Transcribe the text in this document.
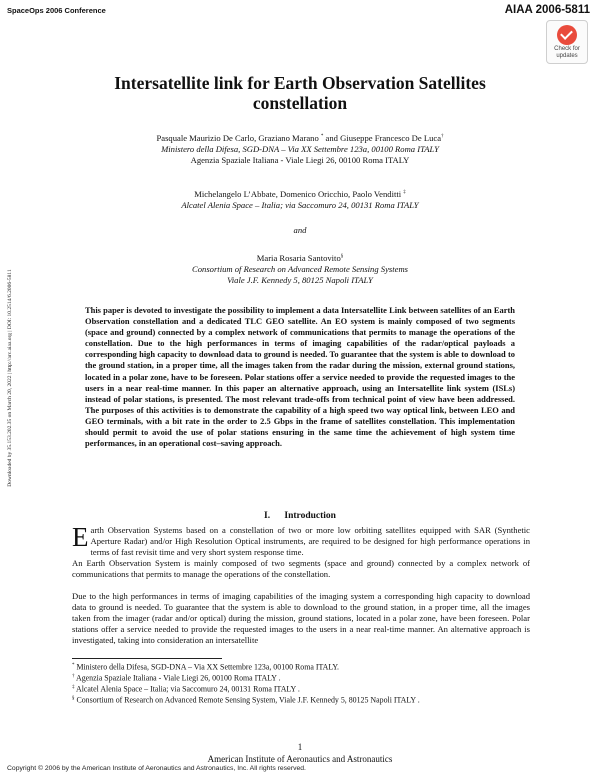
SpaceOps 2006 Conference	AIAA 2006-5811
Check for updates
Downloaded by 35.153.202.35 on March 20, 2022 | http://arc.aiaa.org | DOI: 10.2514/6.2006-5811
Intersatellite link for Earth Observation Satellites
constellation
Pasquale Maurizio De Carlo, Graziano Marano * and Giuseppe Francesco De Luca†
Ministero della Difesa, SGD-DNA – Via XX Settembre 123a, 00100 Roma ITALY
Agenzia Spaziale Italiana - Viale Liegi 26, 00100 Roma ITALY
Michelangelo L’Abbate, Domenico Oricchio, Paolo Venditti ‡
Alcatel Alenia Space – Italia; via Saccomuro 24, 00131 Roma ITALY
and
Maria Rosaria Santovito§
Consortium of Research on Advanced Remote Sensing Systems
Viale J.F. Kennedy 5, 80125 Napoli ITALY
This paper is devoted to investigate the possibility to implement a data Intersatellite Link between satellites of an Earth Observation constellation and a dedicated TLC GEO satellite. An EO system is mainly composed of two segments (space and ground) connected by a complex network of communications that permits to manage the operations of the constellation. Due to the high performances in terms of imaging capabilities of the radar/optical payloads a corresponding high capacity to download data to ground is needed. To guarantee that the system is able to download to the ground station, in a proper time, all the images taken from the radar during the mission, external ground stations, located in a polar zone, have to be foreseen. Polar stations offer a service needed to provide the requested images to the users in a near real-time manner. In this paper an alternative approach, using an Intersatellite link system (ISLs) instead of polar stations, is presented. The most relevant trade-offs from technical point of view have been addressed. The purposes of this activities is to demonstrate the capability of a high speed two way optical link, between LEO and GEO terminals, with a bit rate in the order to 2.5 Gbps in the frame of satellites constellation. This implementation should permit to avoid the use of polar stations ensuring in the same time the achievement of high system time performances, in an operational cost–saving approach.
I. Introduction
Earth Observation Systems based on a constellation of two or more low orbiting satellites equipped with SAR (Synthetic Aperture Radar) and/or High Resolution Optical instruments, are required to be designed for high performance operations in terms of fast revisit time and very short system response time.
An Earth Observation System is mainly composed of two segments (space and ground) connected by a complex network of communications that permits to manage the operations of the constellation.
Due to the high performances in terms of imaging capabilities of the imaging system a corresponding high capacity to download data to ground is needed. To guarantee that the system is able to download to the ground station, in a proper time, all the images taken from the imager (radar and/or optical) during the mission, ground stations, located in a polar zone, have been foreseen. Polar stations offer a service needed to provide the requested images to the users in a near real-time manner. An alternative approach is investigated, taking into consideration an intersatellite
* Ministero della Difesa, SGD-DNA – Via XX Settembre 123a, 00100 Roma ITALY.
† Agenzia Spaziale Italiana - Viale Liegi 26, 00100 Roma ITALY .
‡ Alcatel Alenia Space – Italia; via Saccomuro 24, 00131 Roma ITALY .
§ Consortium of Research on Advanced Remote Sensing System, Viale J.F. Kennedy 5, 80125 Napoli ITALY .
1
American Institute of Aeronautics and Astronautics
Copyright © 2006 by the American Institute of Aeronautics and Astronautics, Inc. All rights reserved.
